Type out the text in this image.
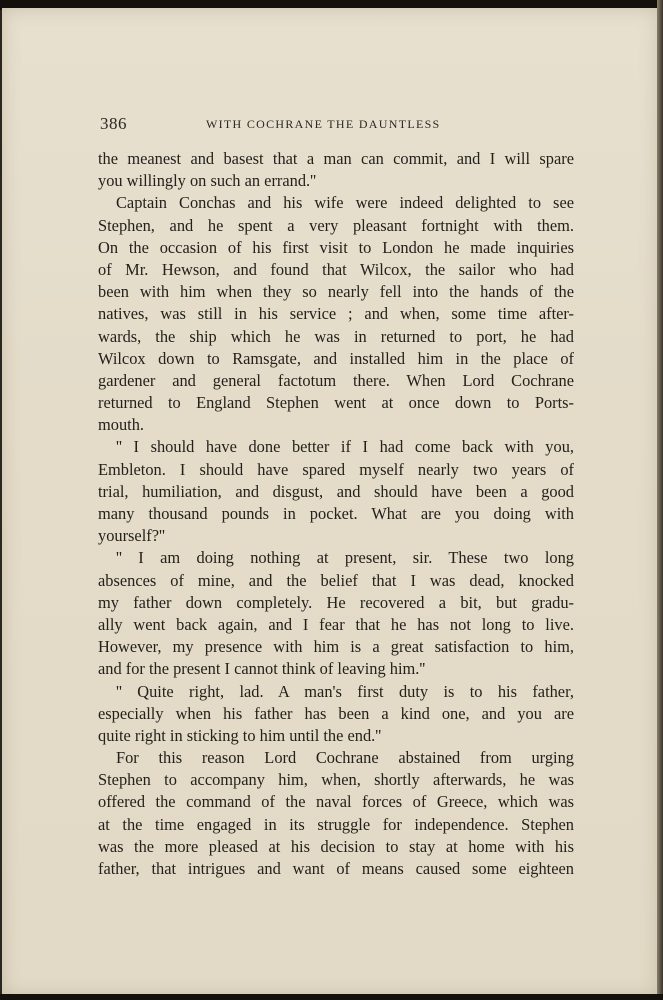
386	WITH COCHRANE THE DAUNTLESS
the meanest and basest that a man can commit, and I will spare
you willingly on such an errand.''
Captain Conchas and his wife were indeed delighted to see
Stephen, and he spent a very pleasant fortnight with them.
On the occasion of his first visit to London he made inquiries
of Mr. Hewson, and found that Wilcox, the sailor who had
been with him when they so nearly fell into the hands of the
natives, was still in his service ; and when, some time after-
wards, the ship which he was in returned to port, he had
Wilcox down to Ramsgate, and installed him in the place of
gardener and general factotum there. When Lord Cochrane
returned to England Stephen went at once down to Ports-
mouth.
'' I should have done better if I had come back with you,
Embleton. I should have spared myself nearly two years of
trial, humiliation, and disgust, and should have been a good
many thousand pounds in pocket. What are you doing with
yourself?''
'' I am doing nothing at present, sir. These two long
absences of mine, and the belief that I was dead, knocked
my father down completely. He recovered a bit, but gradu-
ally went back again, and I fear that he has not long to live.
However, my presence with him is a great satisfaction to him,
and for the present I cannot think of leaving him.''
'' Quite right, lad. A man's first duty is to his father,
especially when his father has been a kind one, and you are
quite right in sticking to him until the end.''
For this reason Lord Cochrane abstained from urging
Stephen to accompany him, when, shortly afterwards, he was
offered the command of the naval forces of Greece, which was
at the time engaged in its struggle for independence. Stephen
was the more pleased at his decision to stay at home with his
father, that intrigues and want of means caused some eighteen
